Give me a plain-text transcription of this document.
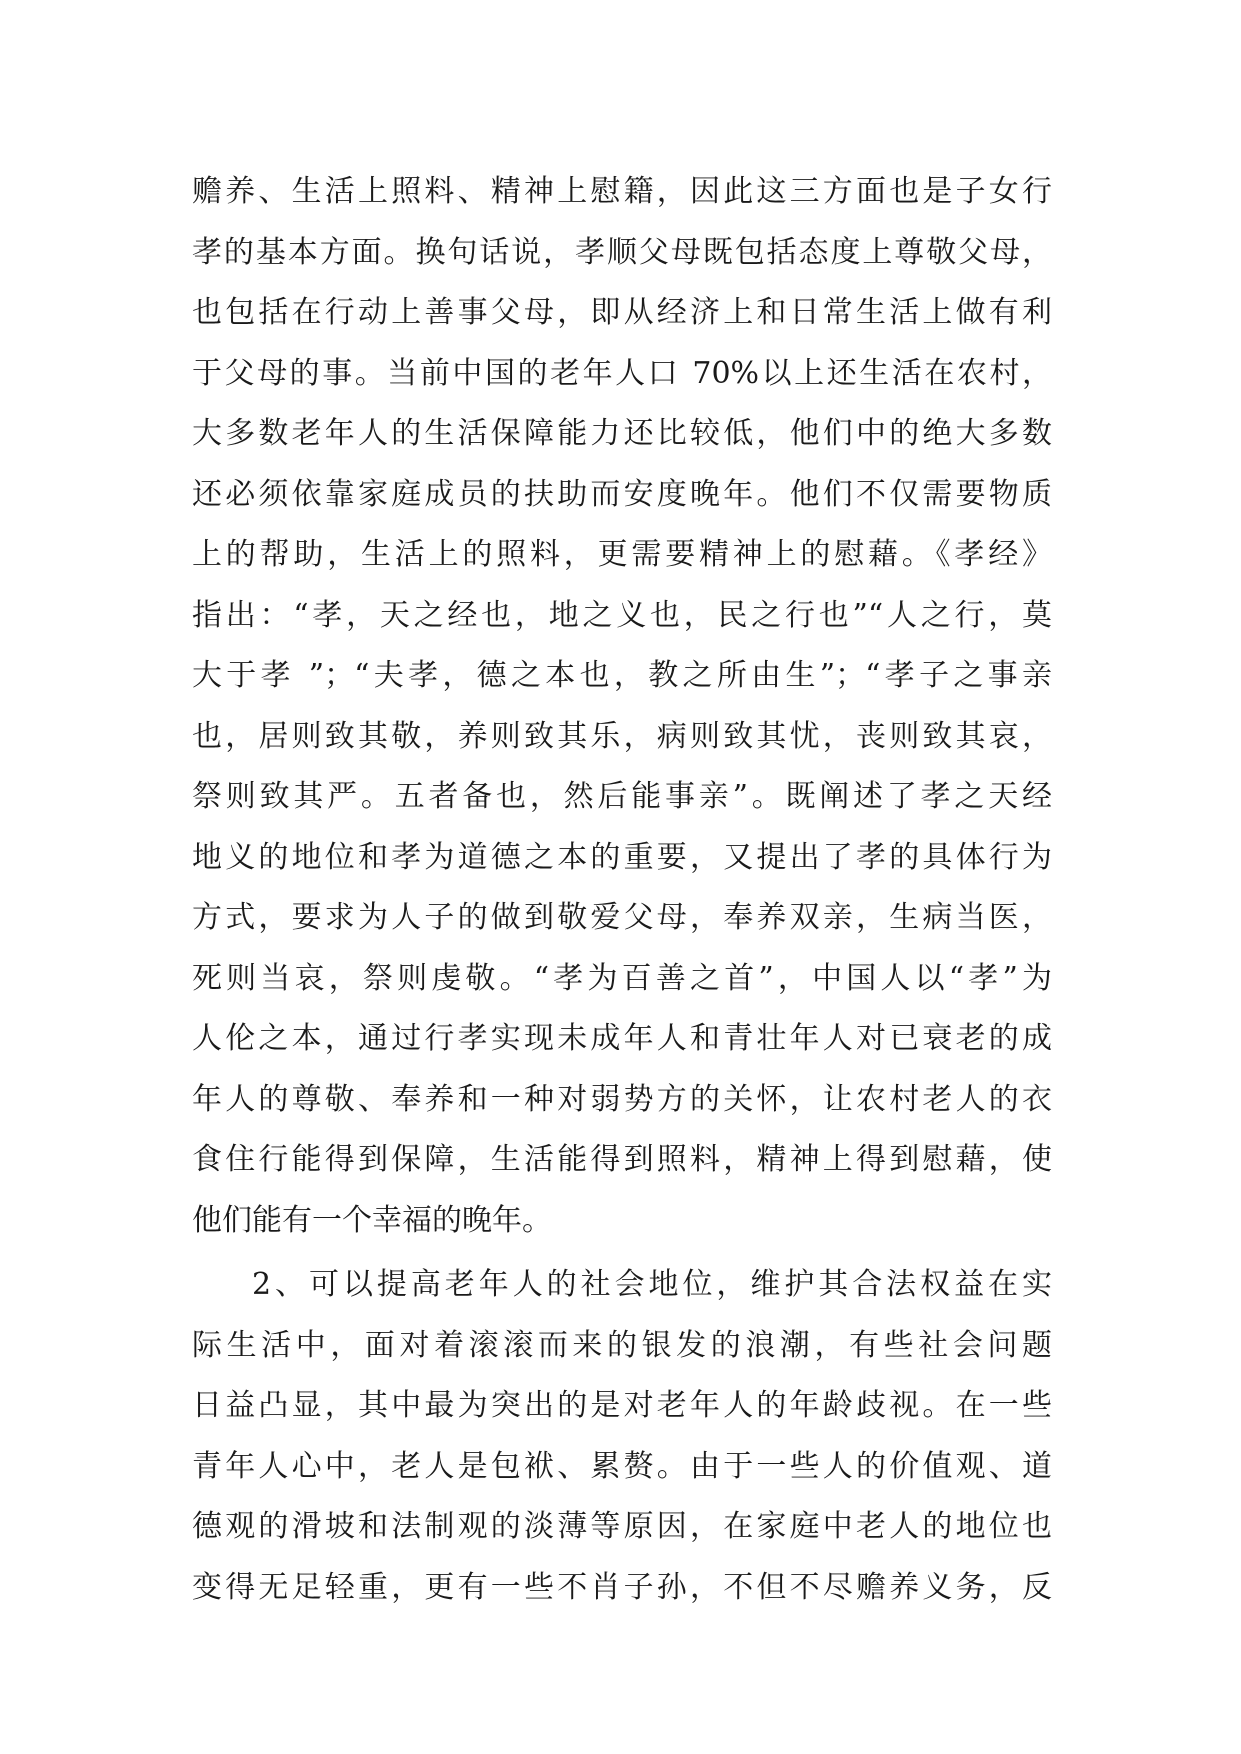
赡养、生活上照料、精神上慰籍，因此这三方面也是子女行
孝的基本方面。换句话说，孝顺父母既包括态度上尊敬父母，
也包括在行动上善事父母，即从经济上和日常生活上做有利
于父母的事。当前中国的老年人口 70%以上还生活在农村，
大多数老年人的生活保障能力还比较低，他们中的绝大多数
还必须依靠家庭成员的扶助而安度晚年。他们不仅需要物质
上的帮助，生活上的照料，更需要精神上的慰藉。《孝经》
指出：“孝，天之经也，地之义也，民之行也”“人之行，莫
大于孝 ”；“夫孝，德之本也，教之所由生”；“孝子之事亲
也，居则致其敬，养则致其乐，病则致其忧，丧则致其哀，
祭则致其严。五者备也，然后能事亲”。既阐述了孝之天经
地义的地位和孝为道德之本的重要，又提出了孝的具体行为
方式，要求为人子的做到敬爱父母，奉养双亲，生病当医，
死则当哀，祭则虔敬。“孝为百善之首”，中国人以“孝”为
人伦之本，通过行孝实现未成年人和青壮年人对已衰老的成
年人的尊敬、奉养和一种对弱势方的关怀，让农村老人的衣
食住行能得到保障，生活能得到照料，精神上得到慰藉，使
他们能有一个幸福的晚年。
2、可以提高老年人的社会地位，维护其合法权益在实
际生活中，面对着滚滚而来的银发的浪潮，有些社会问题
日益凸显，其中最为突出的是对老年人的年龄歧视。在一些
青年人心中，老人是包袱、累赘。由于一些人的价值观、道
德观的滑坡和法制观的淡薄等原因，在家庭中老人的地位也
变得无足轻重，更有一些不肖子孙，不但不尽赡养义务，反
